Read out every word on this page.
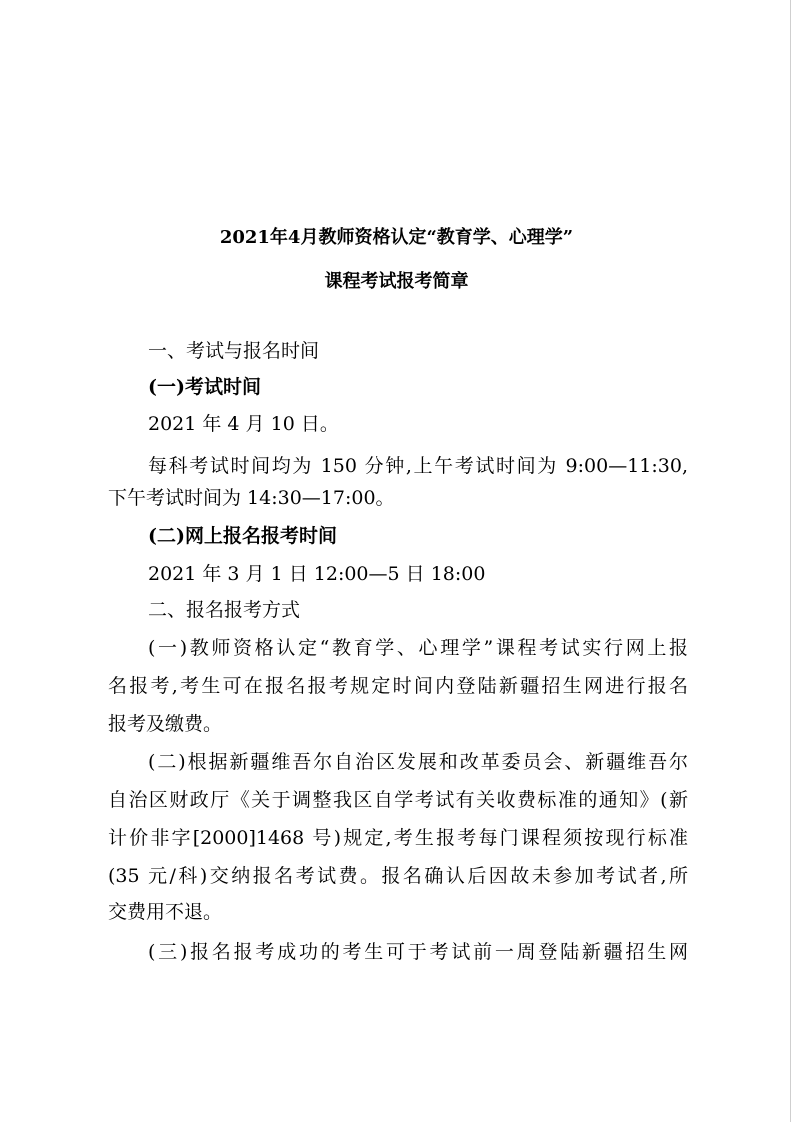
2021年4月教师资格认定“教育学、心理学”
课程考试报考简章
一、考试与报名时间
(一)考试时间
2021 年 4 月 10 日。
每科考试时间均为 150 分钟,上午考试时间为 9:00—11:30,
下午考试时间为 14:30—17:00。
(二)网上报名报考时间
2021 年 3 月 1 日 12:00—5 日 18:00
二、报名报考方式
(一)教师资格认定“教育学、心理学”课程考试实行网上报
名报考,考生可在报名报考规定时间内登陆新疆招生网进行报名
报考及缴费。
(二)根据新疆维吾尔自治区发展和改革委员会、新疆维吾尔
自治区财政厅《关于调整我区自学考试有关收费标准的通知》(新
计价非字[2000]1468 号)规定,考生报考每门课程须按现行标准
(35 元/科)交纳报名考试费。报名确认后因故未参加考试者,所
交费用不退。
(三)报名报考成功的考生可于考试前一周登陆新疆招生网
